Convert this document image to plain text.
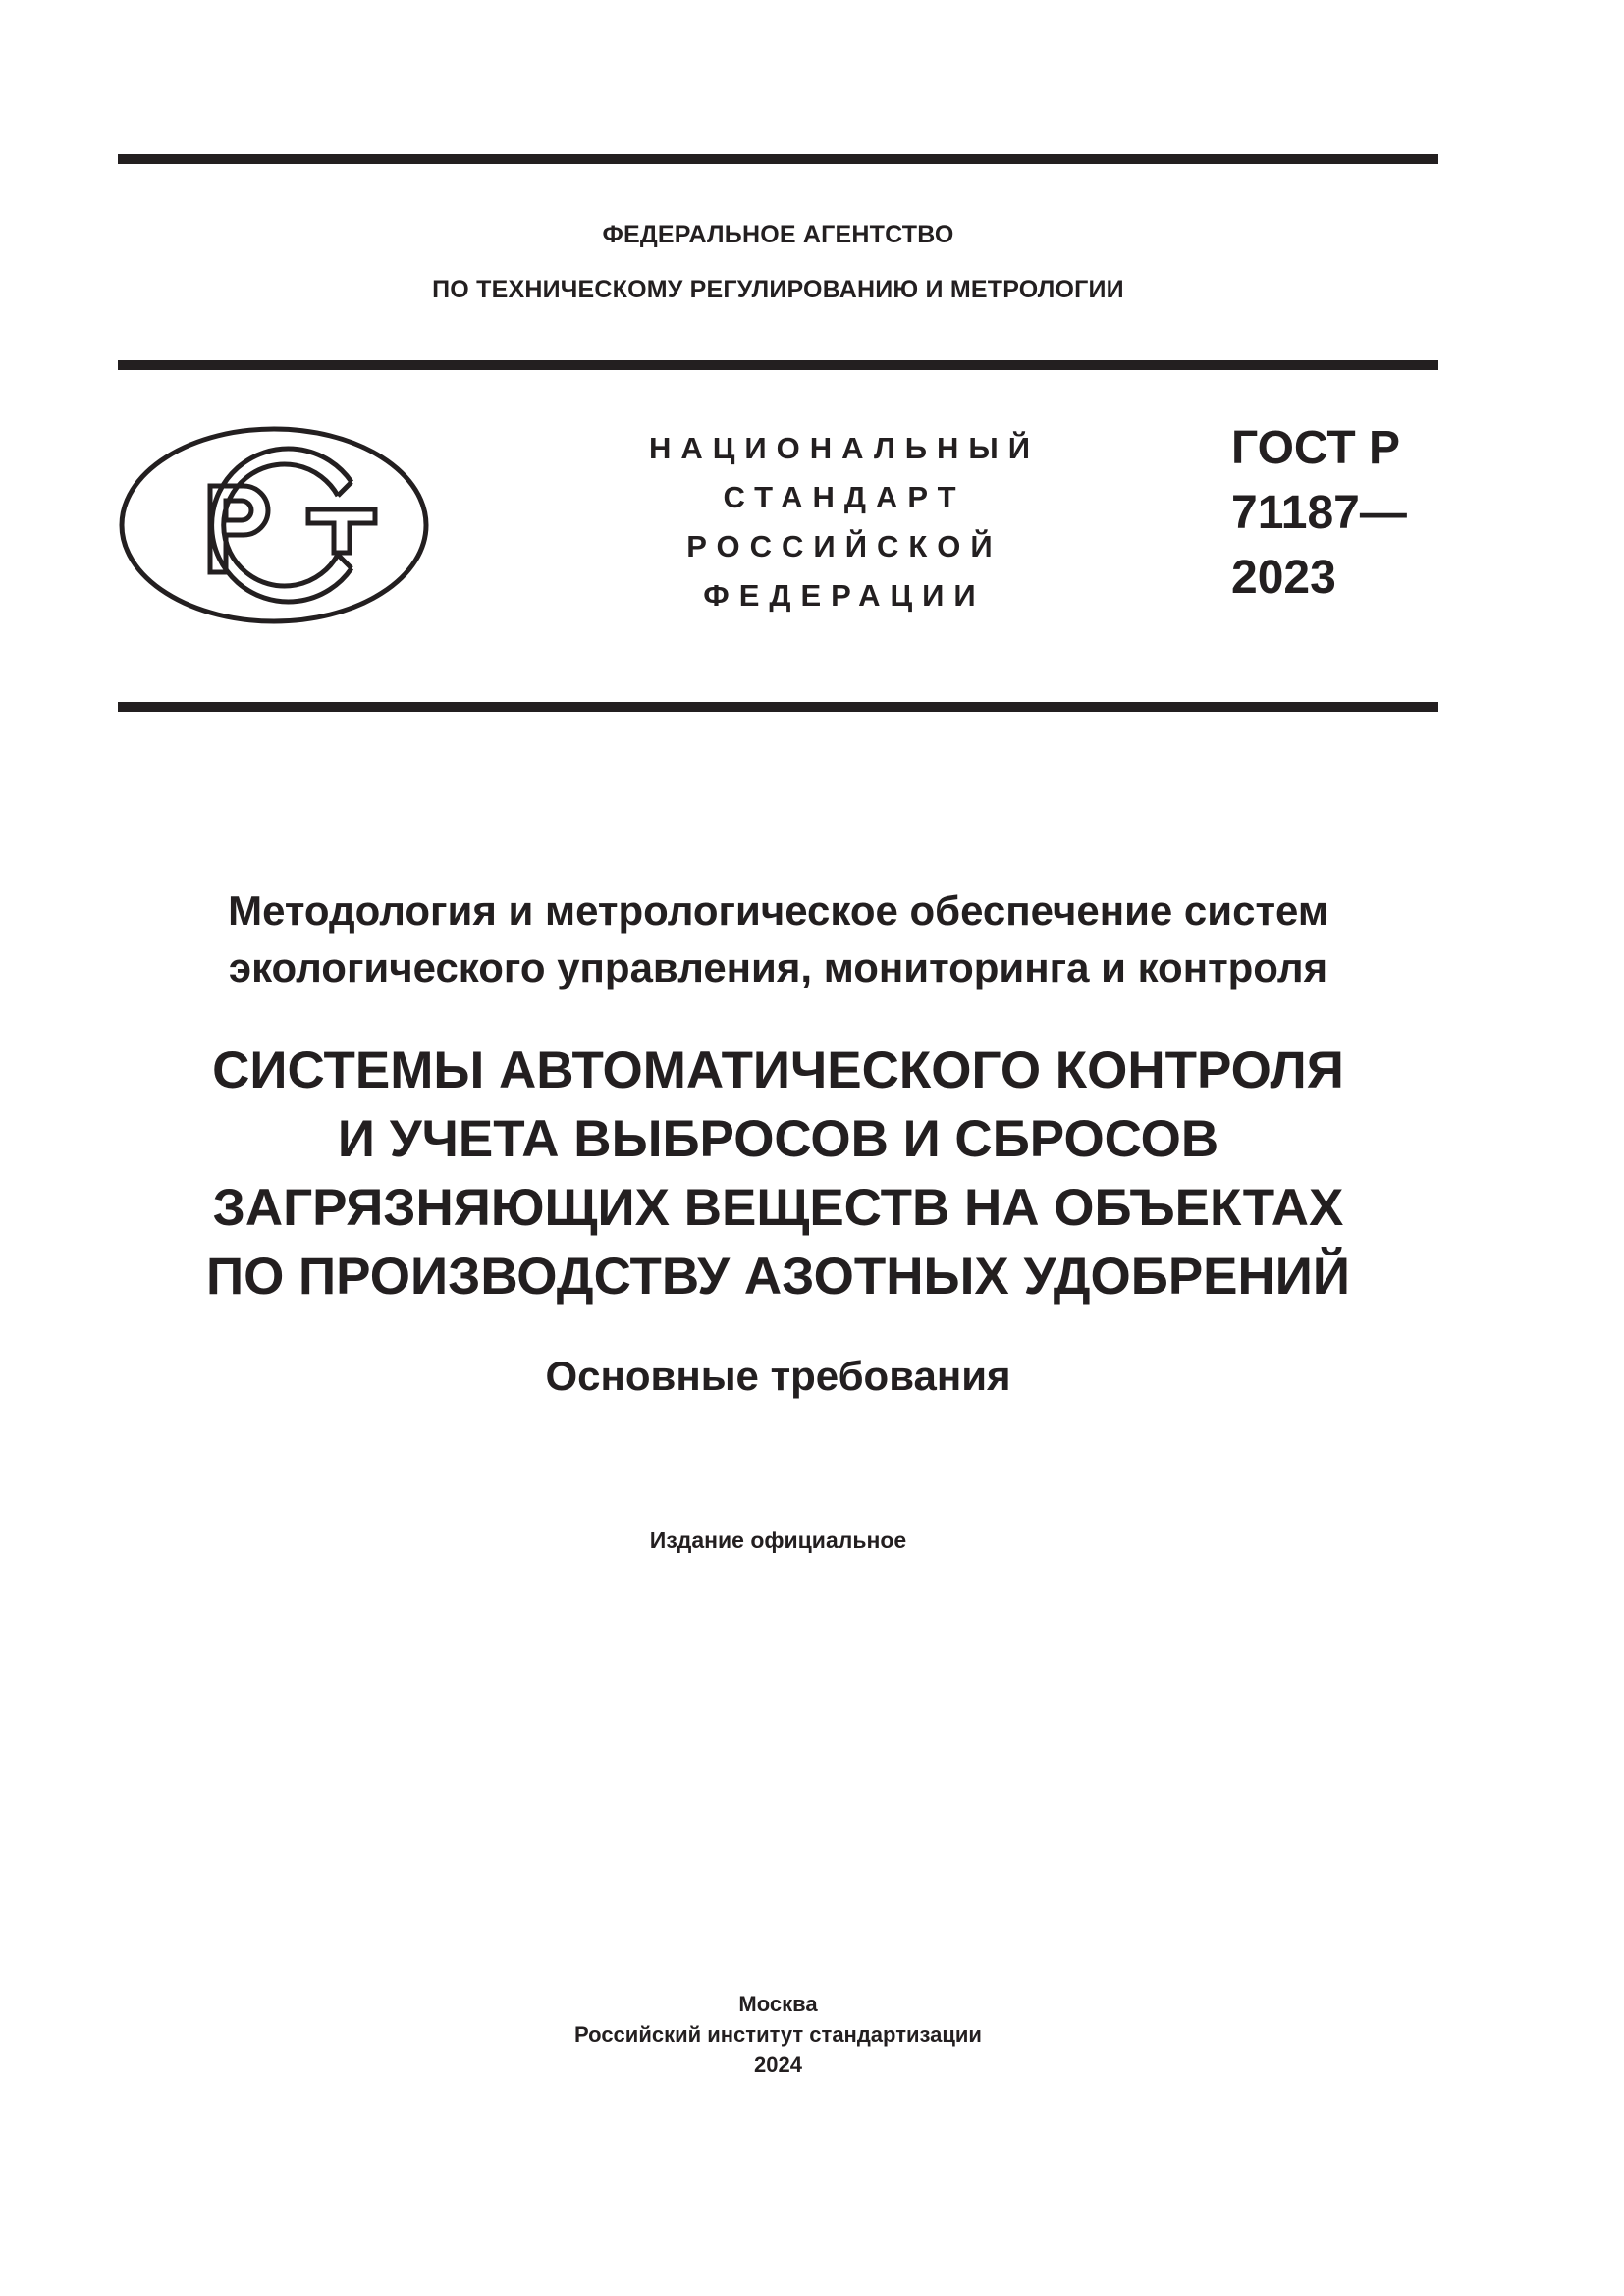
ФЕДЕРАЛЬНОЕ АГЕНТСТВО
ПО ТЕХНИЧЕСКОМУ РЕГУЛИРОВАНИЮ И МЕТРОЛОГИИ
НАЦИОНАЛЬНЫЙ
СТАНДАРТ
РОССИЙСКОЙ
ФЕДЕРАЦИИ
ГОСТ Р
71187—
2023
Методология и метрологическое обеспечение систем
экологического управления, мониторинга и контроля
СИСТЕМЫ АВТОМАТИЧЕСКОГО КОНТРОЛЯ
И УЧЕТА ВЫБРОСОВ И СБРОСОВ
ЗАГРЯЗНЯЮЩИХ ВЕЩЕСТВ НА ОБЪЕКТАХ
ПО ПРОИЗВОДСТВУ АЗОТНЫХ УДОБРЕНИЙ
Основные требования
Издание официальное
Москва
Российский институт стандартизации
2024
